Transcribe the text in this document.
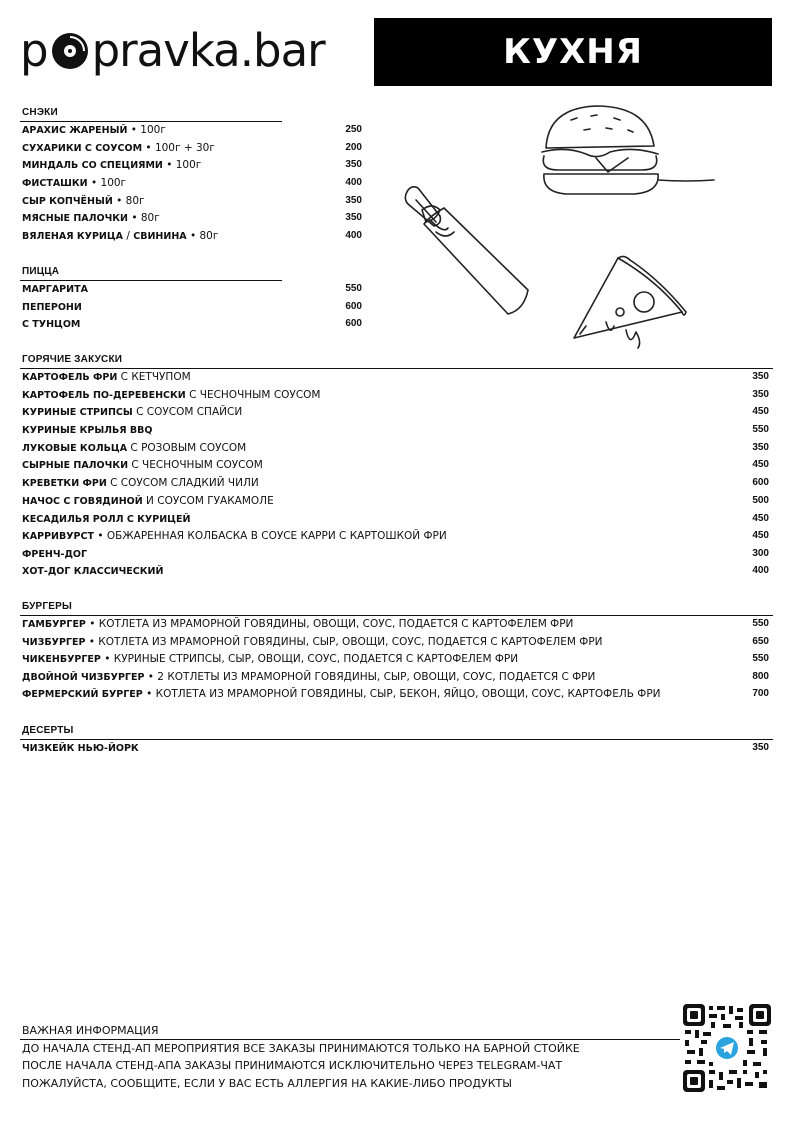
p pravka.bar	КУХНЯ
СНЭКИ
АРАХИС ЖАРЕНЫЙ • 100г	250
СУХАРИКИ С СОУСОМ • 100г + 30г	200
МИНДАЛЬ СО СПЕЦИЯМИ • 100г	350
ФИСТАШКИ • 100г	400
СЫР КОПЧЁНЫЙ • 80г	350
МЯСНЫЕ ПАЛОЧКИ • 80г	350
ВЯЛЕНАЯ КУРИЦА / СВИНИНА • 80г	400
ПИЦЦА
МАРГАРИТА	550
ПЕПЕРОНИ	600
С ТУНЦОМ	600
ГОРЯЧИЕ ЗАКУСКИ
КАРТОФЕЛЬ ФРИ С КЕТЧУПОМ	350
КАРТОФЕЛЬ ПО-ДЕРЕВЕНСКИ С ЧЕСНОЧНЫМ СОУСОМ	350
КУРИНЫЕ СТРИПСЫ С СОУСОМ СПАЙСИ	450
КУРИНЫЕ КРЫЛЬЯ BBQ	550
ЛУКОВЫЕ КОЛЬЦА С РОЗОВЫМ СОУСОМ	350
СЫРНЫЕ ПАЛОЧКИ С ЧЕСНОЧНЫМ СОУСОМ	450
КРЕВЕТКИ ФРИ С СОУСОМ СЛАДКИЙ ЧИЛИ	600
НАЧОС С ГОВЯДИНОЙ И СОУСОМ ГУАКАМОЛЕ	500
КЕСАДИЛЬЯ РОЛЛ С КУРИЦЕЙ	450
КАРРИВУРСТ • ОБЖАРЕННАЯ КОЛБАСКА В СОУСЕ КАРРИ С КАРТОШКОЙ ФРИ	450
ФРЕНЧ-ДОГ	300
ХОТ-ДОГ КЛАССИЧЕСКИЙ	400
БУРГЕРЫ
ГАМБУРГЕР • КОТЛЕТА ИЗ МРАМОРНОЙ ГОВЯДИНЫ, ОВОЩИ, СОУС, ПОДАЕТСЯ С КАРТОФЕЛЕМ ФРИ	550
ЧИЗБУРГЕР • КОТЛЕТА ИЗ МРАМОРНОЙ ГОВЯДИНЫ, СЫР, ОВОЩИ, СОУС, ПОДАЕТСЯ С КАРТОФЕЛЕМ ФРИ	650
ЧИКЕНБУРГЕР • КУРИНЫЕ СТРИПСЫ, СЫР, ОВОЩИ, СОУС, ПОДАЕТСЯ С КАРТОФЕЛЕМ ФРИ	550
ДВОЙНОЙ ЧИЗБУРГЕР • 2 КОТЛЕТЫ ИЗ МРАМОРНОЙ ГОВЯДИНЫ, СЫР, ОВОЩИ, СОУС, ПОДАЕТСЯ С ФРИ	800
ФЕРМЕРСКИЙ БУРГЕР • КОТЛЕТА ИЗ МРАМОРНОЙ ГОВЯДИНЫ, СЫР, БЕКОН, ЯЙЦО, ОВОЩИ, СОУС, КАРТОФЕЛЬ ФРИ	700
ДЕСЕРТЫ
ЧИЗКЕЙК НЬЮ-ЙОРК	350
ВАЖНАЯ ИНФОРМАЦИЯ
ДО НАЧАЛА СТЕНД-АП МЕРОПРИЯТИЯ ВСЕ ЗАКАЗЫ ПРИНИМАЮТСЯ ТОЛЬКО НА БАРНОЙ СТОЙКЕ
ПОСЛЕ НАЧАЛА СТЕНД-АПА ЗАКАЗЫ ПРИНИМАЮТСЯ ИСКЛЮЧИТЕЛЬНО ЧЕРЕЗ TELEGRAM-ЧАТ
ПОЖАЛУЙСТА, СООБЩИТЕ, ЕСЛИ У ВАС ЕСТЬ АЛЛЕРГИЯ НА КАКИЕ-ЛИБО ПРОДУКТЫ
